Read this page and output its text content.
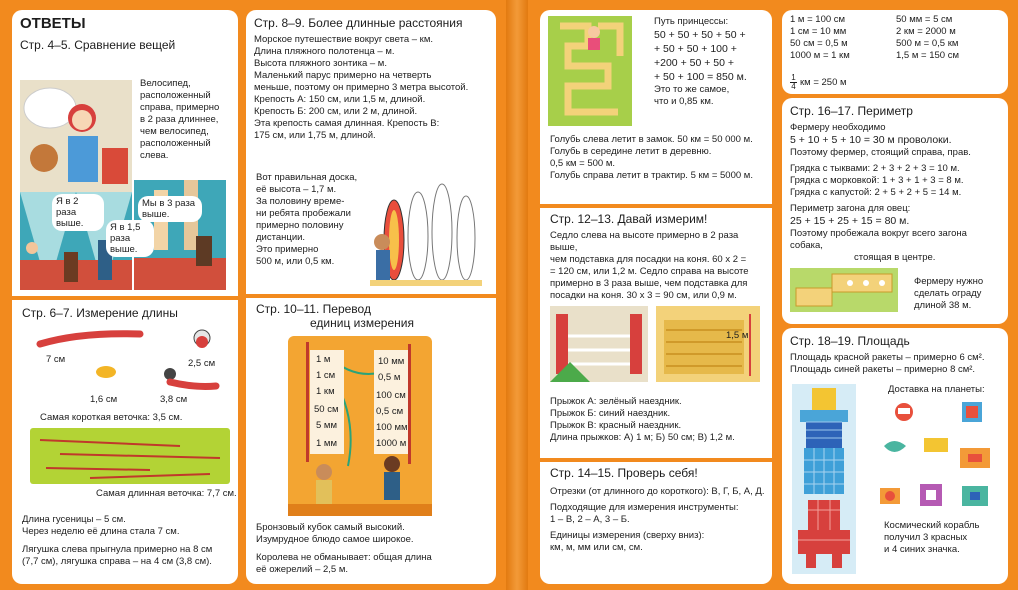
ОТВЕТЫ
Стр. 4–5. Сравнение вещей
Я в 2 раза выше.
Мы в 3 раза выше.
Я в 1,5 раза выше.
Велосипед,
расположенный
справа, примерно
в 2 раза длиннее,
чем велосипед,
расположенный
слева.
Стр. 6–7. Измерение длины
7 см	2,5 см
1,6 см	3,8 см
Самая короткая веточка: 3,5 см.
Самая длинная веточка: 7,7 см.
Длина гусеницы – 5 см.
Через неделю её длина стала 7 см.
Лягушка слева прыгнула примерно на 8 см
(7,7 см), лягушка справа – на 4 см (3,8 см).
Стр. 8–9. Более длинные расстояния
Морское путешествие вокруг света – км.
Длина пляжного полотенца – м.
Высота пляжного зонтика – м.
Маленький парус примерно на четверть
меньше, поэтому он примерно 3 метра высотой.
Крепость А: 150 см, или 1,5 м, длиной.
Крепость Б: 200 см, или 2 м, длиной.
Эта крепость самая длинная. Крепость В:
175 см, или 1,75 м, длиной.
Вот правильная доска,
её высота – 1,7 м.
За половину време-
ни ребята пробежали
примерно половину
дистанции.
Это примерно
500 м, или 0,5 км.
Стр. 10–11. Перевод
единиц измерения
1 м
1 см
1 км
50 см
5 мм
1 мм
10 мм
0,5 м
100 см
0,5 см
100 мм
1000 м
Бронзовый кубок самый высокий.
Изумрудное блюдо самое широкое.
Королева не обманывает: общая длина
её ожерелий – 2,5 м.
Путь принцессы:
50 + 50 + 50 + 50 +
+ 50 + 50 + 100 +
+200 + 50 + 50 +
+ 50 + 100 = 850 м.
Это то же самое,
что и 0,85 км.
Голубь слева летит в замок. 50 км = 50 000 м.
Голубь в середине летит в деревню.
0,5 км = 500 м.
Голубь справа летит в трактир. 5 км = 5000 м.
Стр. 12–13. Давай измерим!
Седло слева на высоте примерно в 2 раза выше,
чем подставка для посадки на коня. 60 x 2 =
= 120 см, или 1,2 м. Седло справа на высоте
примерно в 3 раза выше, чем подставка для
посадки на коня. 30 x 3 = 90 см, или 0,9 м.
1,5 м
Прыжок А: зелёный наездник.
Прыжок Б: синий наездник.
Прыжок В: красный наездник.
Длина прыжков: А) 1 м; Б) 50 см; В) 1,2 м.
Стр. 14–15. Проверь себя!
Отрезки (от длинного до короткого): В, Г, Б, А, Д.
Подходящие для измерения инструменты:
1 – В, 2 – А, 3 – Б.
Единицы измерения (сверху вниз):
км, м, мм или см, см.
1 м = 100 см
1 см = 10 мм
50 см = 0,5 м
1000 м = 1 км
1
4 км = 250 м
50 мм = 5 см
2 км = 2000 м
500 м = 0,5 км
1,5 м = 150 см
Стр. 16–17. Периметр
Фермеру необходимо
5 + 10 + 5 + 10 = 30 м проволоки.
Поэтому фермер, стоящий справа, прав.
Грядка с тыквами: 2 + 3 + 2 + 3 = 10 м.
Грядка с морковкой: 1 + 3 + 1 + 3 = 8 м.
Грядка с капустой: 2 + 5 + 2 + 5 = 14 м.
Периметр загона для овец:
25 + 15 + 25 + 15 = 80 м.
Поэтому пробежала вокруг всего загона собака,
стоящая в центре.
Фермеру нужно
сделать ограду
длиной 38 м.
Стр. 18–19. Площадь
Площадь красной ракеты – примерно 6 см².
Площадь синей ракеты – примерно 8 см².
Доставка на планеты:
Космический корабль
получил 3 красных
и 4 синих значка.
